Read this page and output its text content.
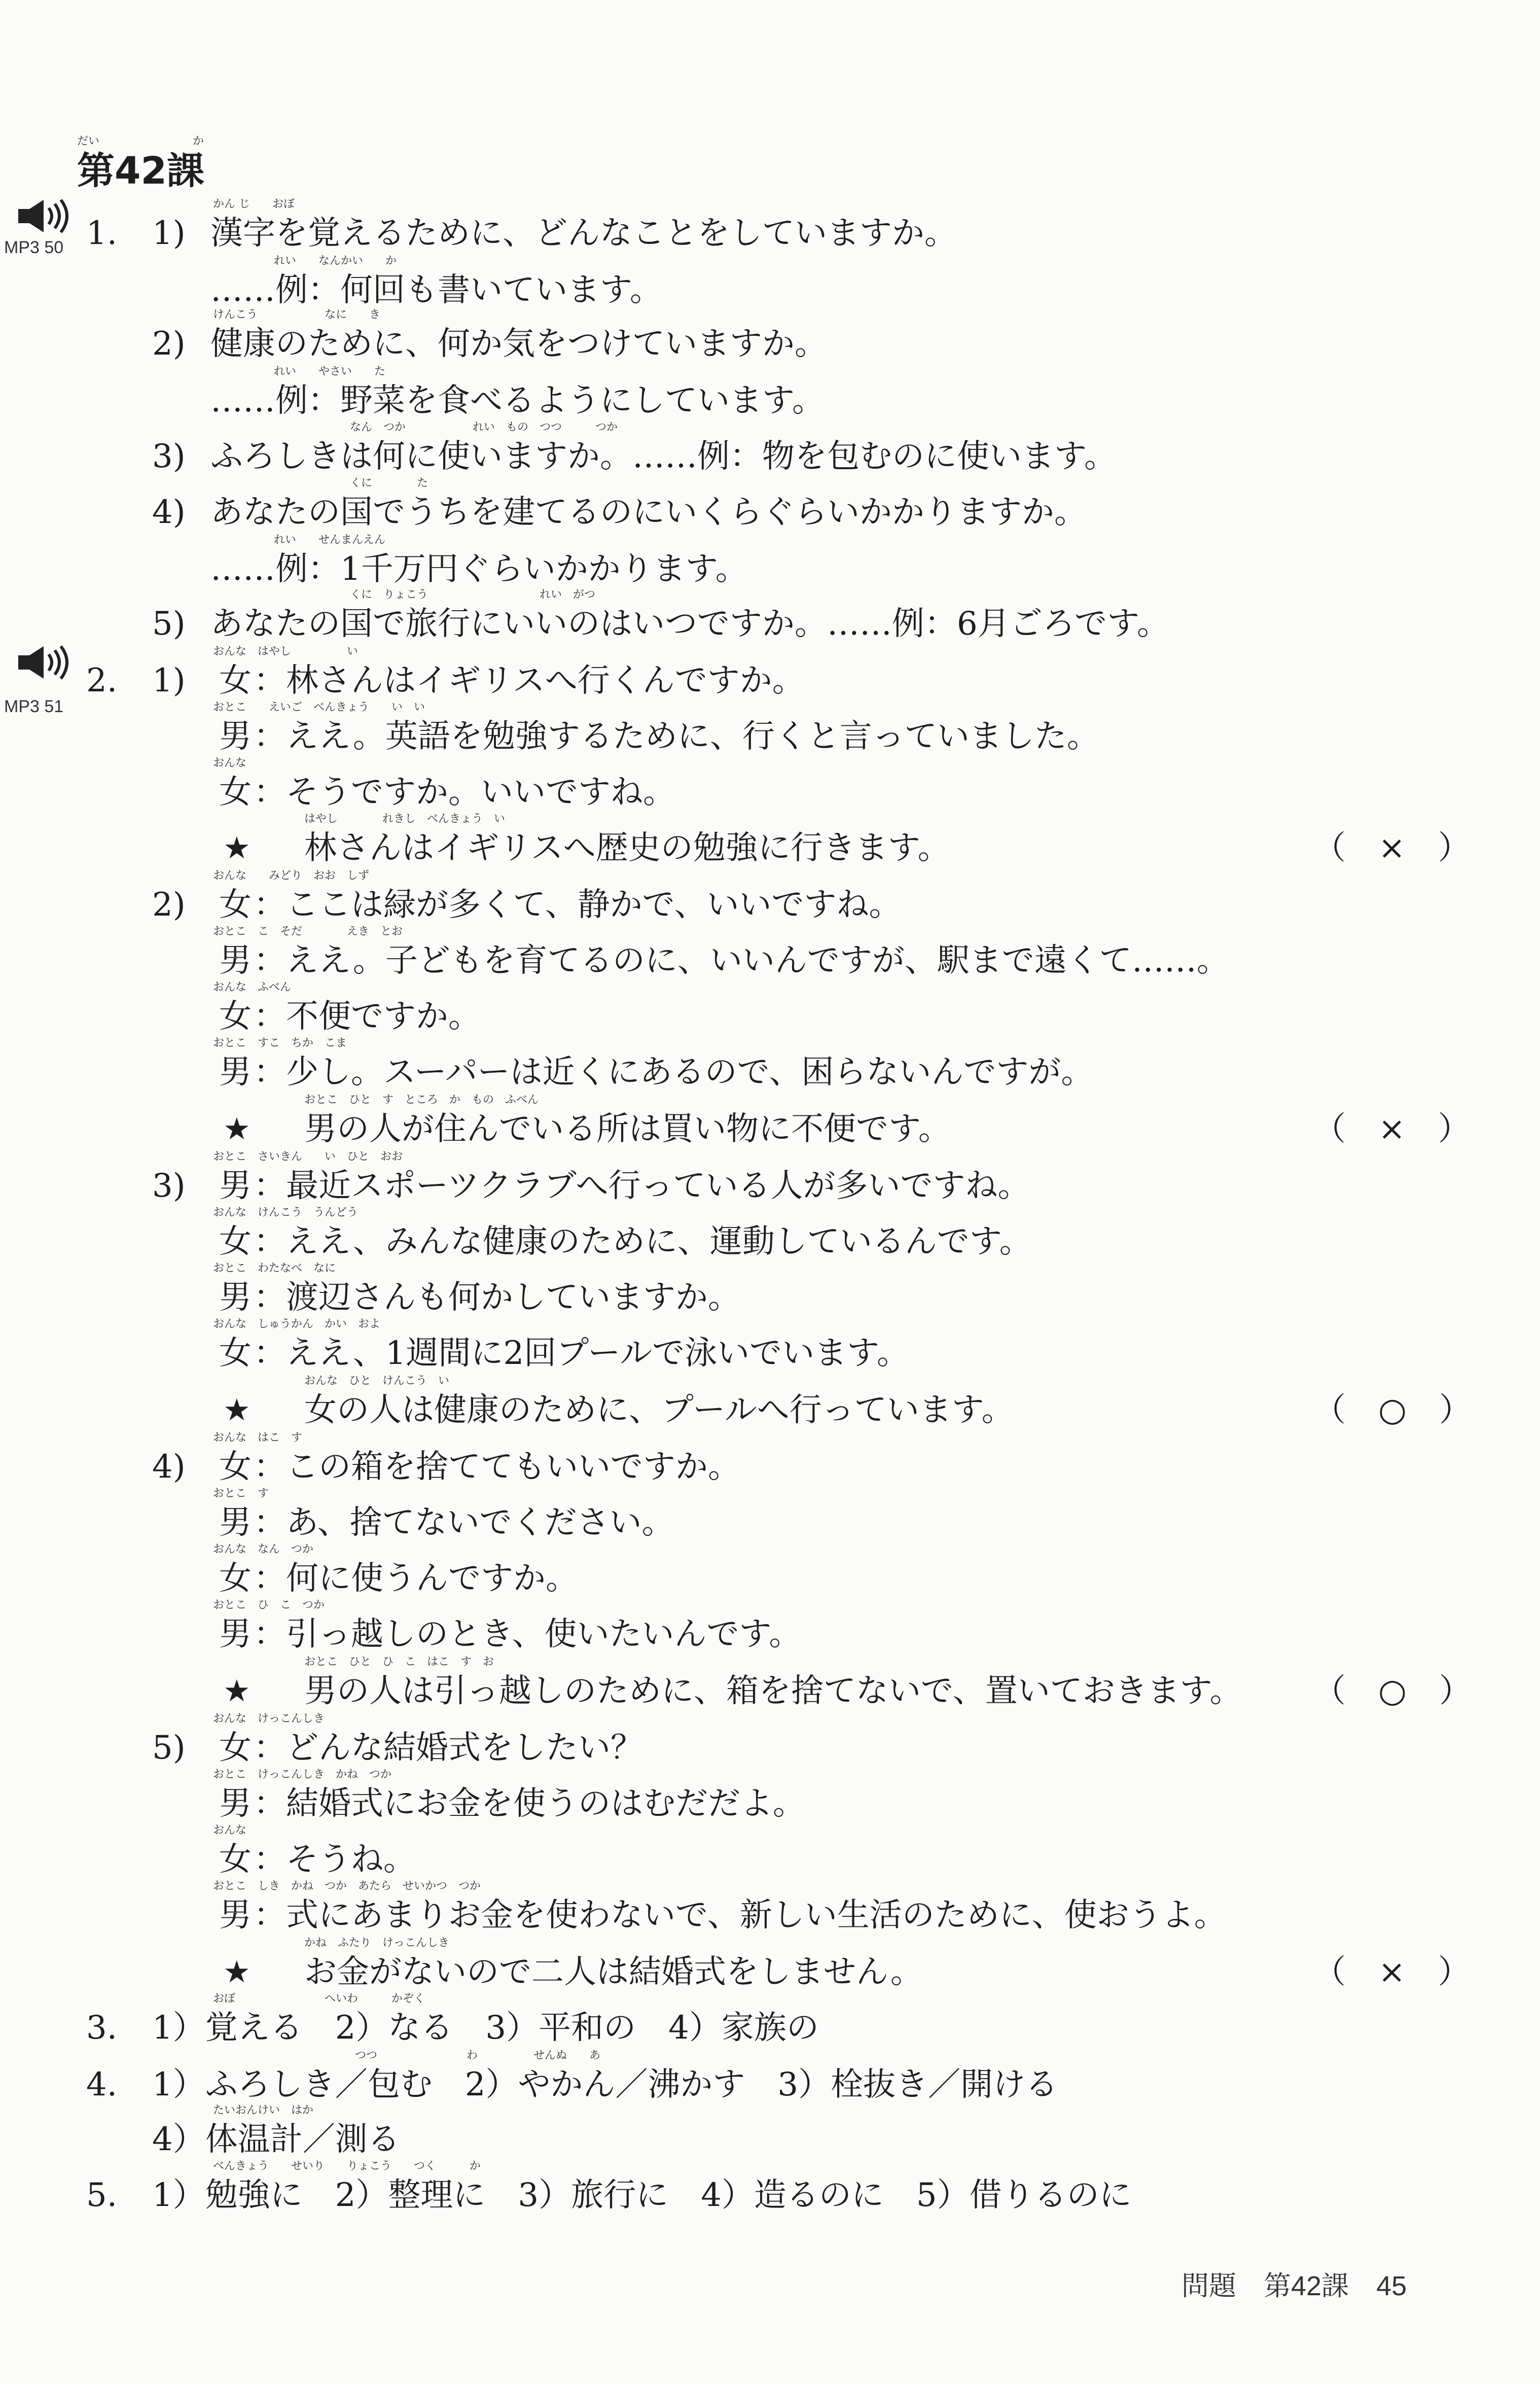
だい	か
第42課
MP3 50
MP3 51
1. 1)
かん じ　　おぼ
漢字を覚えるために、どんなことをしていますか。
れい　　なんかい　　か
……例：何回も書いています。
2)
けんこう　　　　　　なに　　き
健康のために、何か気をつけていますか。
れい　　やさい　　た
……例：野菜を食べるようにしています。
3)
なん　つか　　　　　　れい　もの　つつ　　　つか
ふろしきは何に使いますか。……例：物を包むのに使います。
4)
くに　　　　た
あなたの国でうちを建てるのにいくらぐらいかかりますか。
れい　　せんまんえん
……例：1千万円ぐらいかかります。
5)
くに　りょこう　　　　　　　　　　れい　がつ
あなたの国で旅行にいいのはいつですか。……例：6月ごろです。
2. 1)
おんな　はやし　　　　　い
女 ：林さんはイギリスへ行くんですか。
おとこ　　えいご　べんきょう　　い　い
男 ：ええ。英語を勉強するために、行くと言っていました。
おんな
女 ：そうですか。いいですね。
★
はやし　　　　れきし　べんきょう　い
林さんはイギリスへ歴史の勉強に行きます。	（　×　）
2)
おんな　　みどり　おお　しず
女 ：ここは緑が多くて、静かで、いいですね。
おとこ　こ　そだ　　　　えき　とお
男 ：ええ。子どもを育てるのに、いいんですが、駅まで遠くて……。
おんな　ふべん
女 ：不便ですか。
おとこ　すこ　ちか　こま
男 ：少し。スーパーは近くにあるので、困らないんですが。
★
おとこ　ひと　す　ところ　か　もの　ふべん
男の人が住んでいる所は買い物に不便です。	（　×　）
3)
おとこ　さいきん　　い　ひと　おお
男 ：最近スポーツクラブへ行っている人が多いですね。
おんな　けんこう　うんどう
女 ：ええ、みんな健康のために、運動しているんです。
おとこ　わたなべ　なに
男 ：渡辺さんも何かしていますか。
おんな　しゅうかん　かい　およ
女 ：ええ、1週間に2回プールで泳いでいます。
★
おんな　ひと　けんこう　い
女の人は健康のために、プールへ行っています。	（　○　）
4)
おんな　はこ　す
女 ：この箱を捨ててもいいですか。
おとこ　す
男 ：あ、捨てないでください。
おんな　なん　つか
女 ：何に使うんですか。
おとこ　ひ　こ　つか
男 ：引っ越しのとき、使いたいんです。
★
おとこ　ひと　ひ　こ　はこ　す　お
男の人は引っ越しのために、箱を捨てないで、置いておきます。 （　○　）
5)
おんな　けっこんしき
女 ：どんな結婚式をしたい？
おとこ　けっこんしき　かね　つか
男 ：結婚式にお金を使うのはむだだよ。
おんな
女 ：そうね。
おとこ　しき　かね　つか　あたら　せいかつ　つか
男 ：式にあまりお金を使わないで、新しい生活のために、使おうよ。
★
かね　ふたり　けっこんしき
お金がないので二人は結婚式をしません。	（　×　）
3.
おぼ　　　　　　　　へいわ　　　かぞく
1）覚える　2）なる　3）平和の　4）家族の
4.
つつ　　　　　　　　わ　　　　　せんぬ　　あ
1）ふろしき／包む　2）やかん／沸かす　3）栓抜き／開ける
たいおんけい　はか
4）体温計／測る
5.
べんきょう　　せいり　　りょこう　　つく　　　か
1）勉強に　2）整理に　3）旅行に　4）造るのに　5）借りるのに
問題　第42課　45
